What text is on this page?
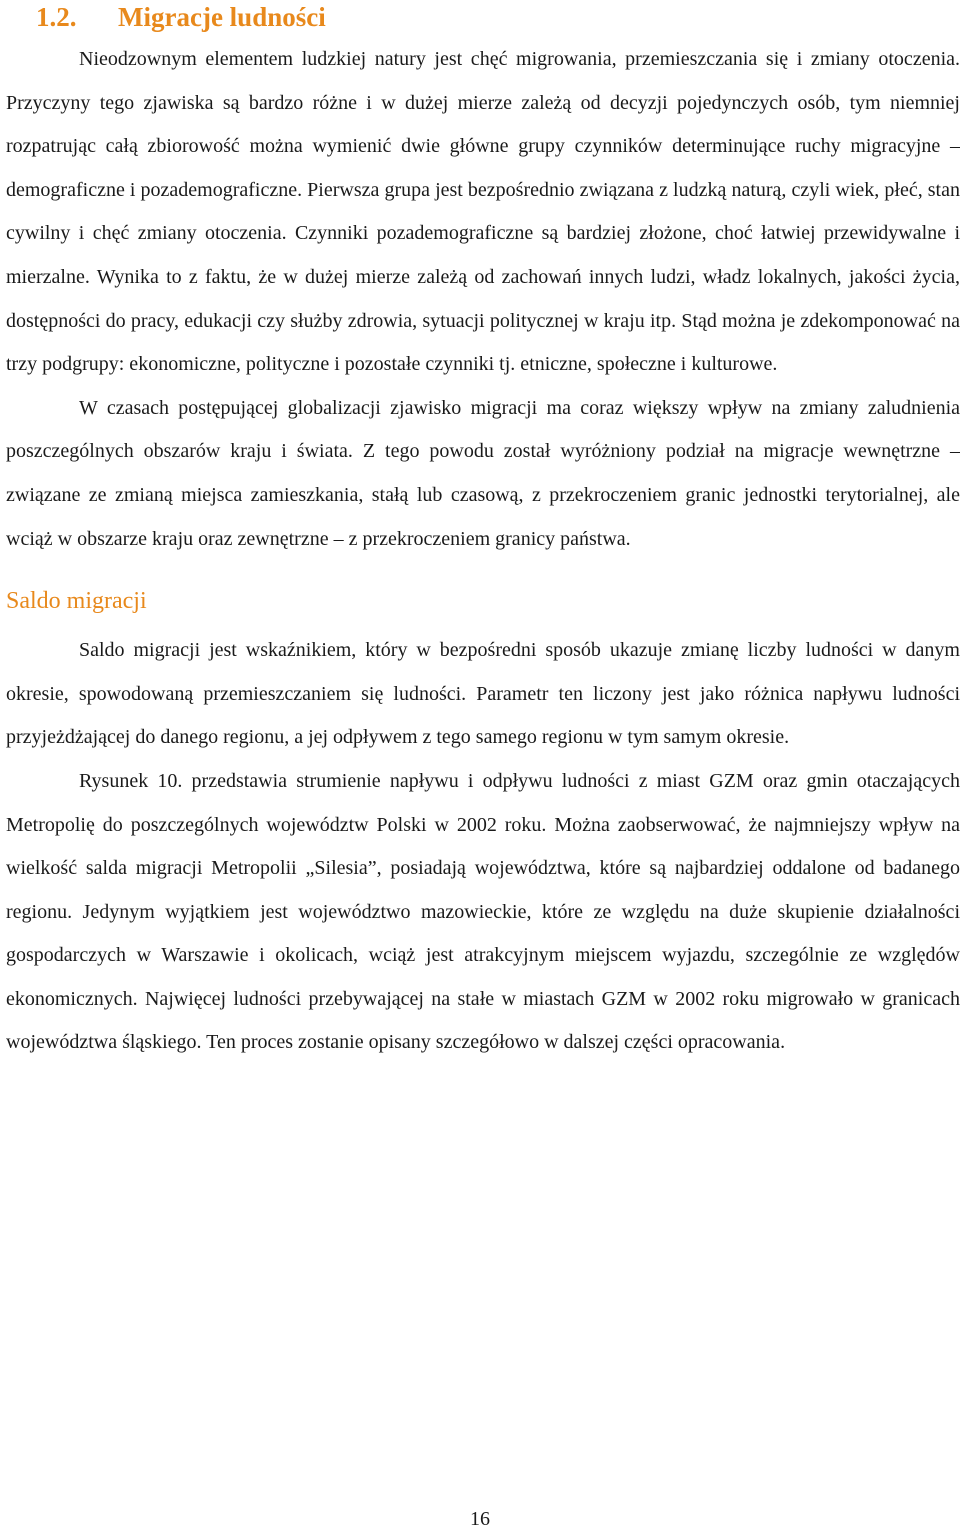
1.2. Migracje ludności

Nieodzownym elementem ludzkiej natury jest chęć migrowania, przemieszczania się i zmiany otoczenia. Przyczyny tego zjawiska są bardzo różne i w dużej mierze zależą od decyzji pojedynczych osób, tym niemniej rozpatrując całą zbiorowość można wymienić dwie główne grupy czynników determinujące ruchy migracyjne – demograficzne i pozademograficzne. Pierwsza grupa jest bezpośrednio związana z ludzką naturą, czyli wiek, płeć, stan cywilny i chęć zmiany otoczenia. Czynniki pozademograficzne są bardziej złożone, choć łatwiej przewidywalne i mierzalne. Wynika to z faktu, że w dużej mierze zależą od zachowań innych ludzi, władz lokalnych, jakości życia, dostępności do pracy, edukacji czy służby zdrowia, sytuacji politycznej w kraju itp. Stąd można je zdekomponować na trzy podgrupy: ekonomiczne, polityczne i pozostałe czynniki tj. etniczne, społeczne i kulturowe.

W czasach postępującej globalizacji zjawisko migracji ma coraz większy wpływ na zmiany zaludnienia poszczególnych obszarów kraju i świata. Z tego powodu został wyróżniony podział na migracje wewnętrzne – związane ze zmianą miejsca zamieszkania, stałą lub czasową, z przekroczeniem granic jednostki terytorialnej, ale wciąż w obszarze kraju oraz zewnętrzne – z przekroczeniem granicy państwa.

Saldo migracji

Saldo migracji jest wskaźnikiem, który w bezpośredni sposób ukazuje zmianę liczby ludności w danym okresie, spowodowaną przemieszczaniem się ludności. Parametr ten liczony jest jako różnica napływu ludności przyjeżdżającej do danego regionu, a jej odpływem z tego samego regionu w tym samym okresie.

Rysunek 10. przedstawia strumienie napływu i odpływu ludności z miast GZM oraz gmin otaczających Metropolię do poszczególnych województw Polski w 2002 roku. Można zaobserwować, że najmniejszy wpływ na wielkość salda migracji Metropolii „Silesia”, posiadają województwa, które są najbardziej oddalone od badanego regionu. Jedynym wyjątkiem jest województwo mazowieckie, które ze względu na duże skupienie działalności gospodarczych w Warszawie i okolicach, wciąż jest atrakcyjnym miejscem wyjazdu, szczególnie ze względów ekonomicznych. Najwięcej ludności przebywającej na stałe w miastach GZM w 2002 roku migrowało w granicach województwa śląskiego. Ten proces zostanie opisany szczegółowo w dalszej części opracowania.

16
